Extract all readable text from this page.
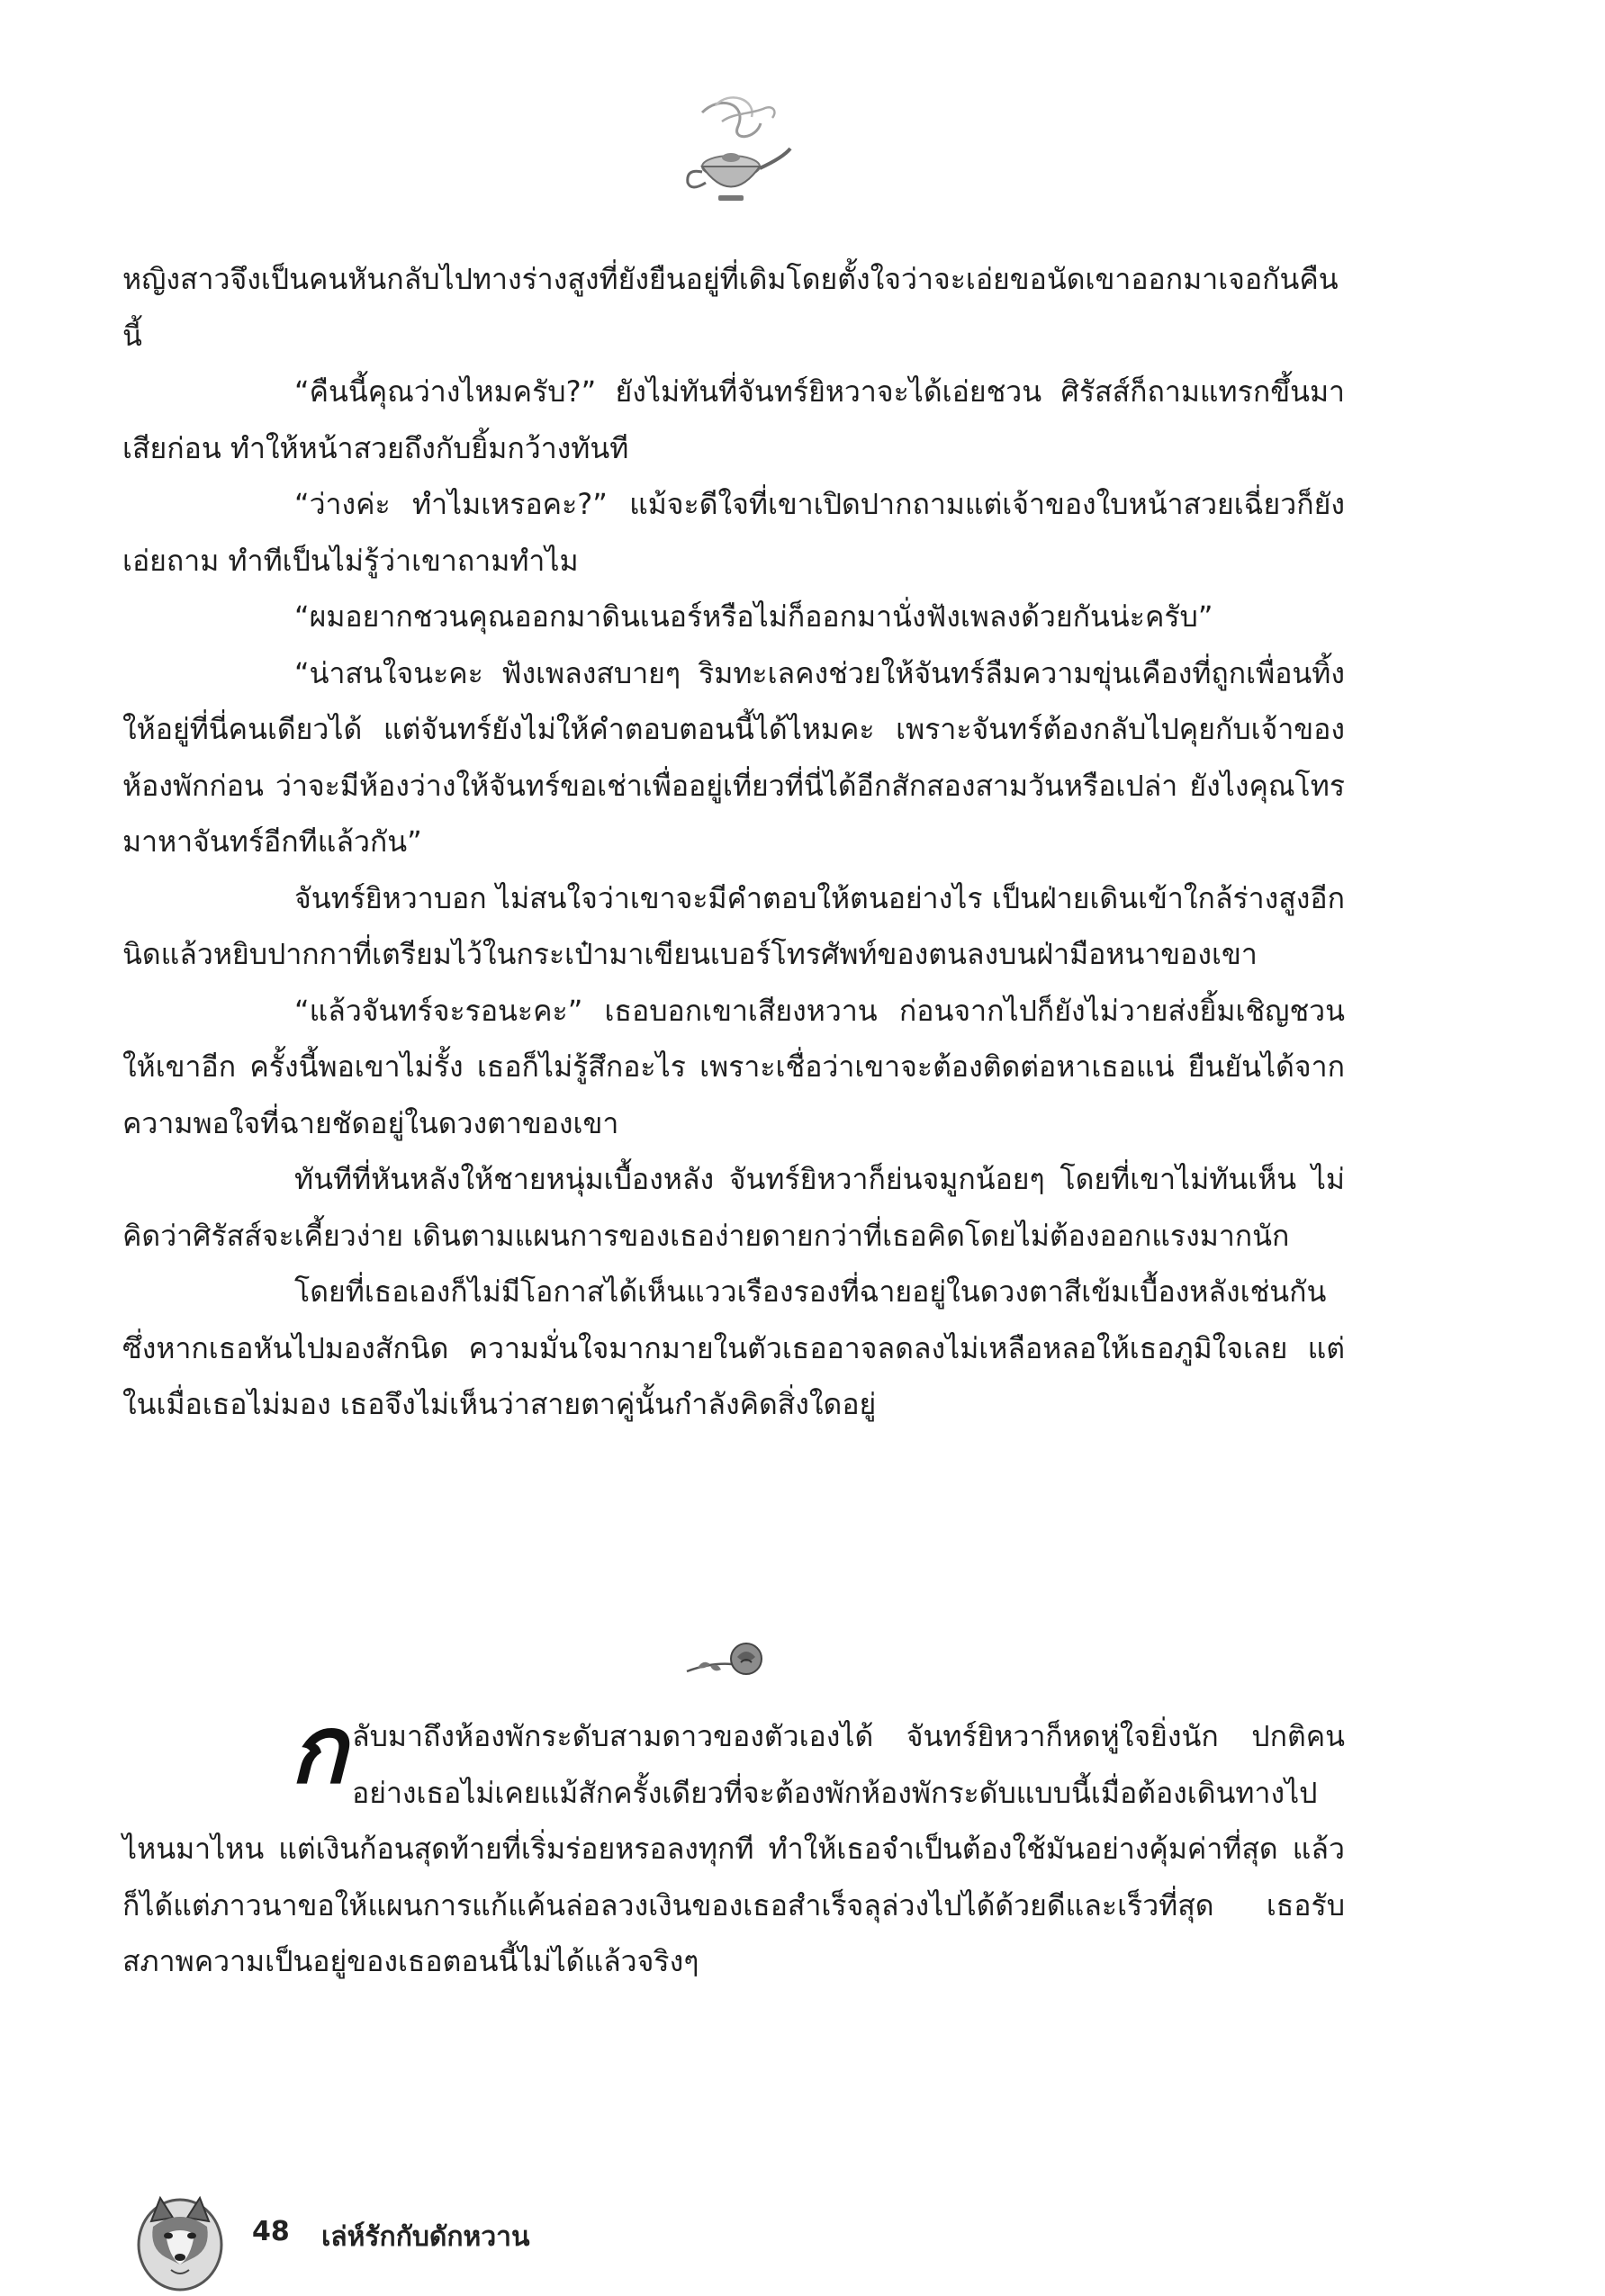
หญิงสาวจึงเป็นคนหันกลับไปทางร่างสูงที่ยังยืนอยู่ที่เดิมโดยตั้งใจว่าจะเอ่ยขอนัดเขาออกมาเจอกันคืนนี้

“คืนนี้คุณว่างไหมครับ?” ยังไม่ทันที่จันทร์ยิหวาจะได้เอ่ยชวน ศิรัสส์ก็ถามแทรกขึ้นมาเสียก่อน ทำให้หน้าสวยถึงกับยิ้มกว้างทันที

“ว่างค่ะ ทำไมเหรอคะ?” แม้จะดีใจที่เขาเปิดปากถามแต่เจ้าของใบหน้าสวยเฉี่ยวก็ยังเอ่ยถาม ทำทีเป็นไม่รู้ว่าเขาถามทำไม

“ผมอยากชวนคุณออกมาดินเนอร์หรือไม่ก็ออกมานั่งฟังเพลงด้วยกันน่ะครับ”

“น่าสนใจนะคะ ฟังเพลงสบายๆ ริมทะเลคงช่วยให้จันทร์ลืมความขุ่นเคืองที่ถูกเพื่อนทิ้งให้อยู่ที่นี่คนเดียวได้ แต่จันทร์ยังไม่ให้คำตอบตอนนี้ได้ไหมคะ เพราะจันทร์ต้องกลับไปคุยกับเจ้าของห้องพักก่อน ว่าจะมีห้องว่างให้จันทร์ขอเช่าเพื่ออยู่เที่ยวที่นี่ได้อีกสักสองสามวันหรือเปล่า ยังไงคุณโทรมาหาจันทร์อีกทีแล้วกัน”

จันทร์ยิหวาบอก ไม่สนใจว่าเขาจะมีคำตอบให้ตนอย่างไร เป็นฝ่ายเดินเข้าใกล้ร่างสูงอีกนิดแล้วหยิบปากกาที่เตรียมไว้ในกระเป๋ามาเขียนเบอร์โทรศัพท์ของตนลงบนฝ่ามือหนาของเขา

“แล้วจันทร์จะรอนะคะ” เธอบอกเขาเสียงหวาน ก่อนจากไปก็ยังไม่วายส่งยิ้มเชิญชวนให้เขาอีก ครั้งนี้พอเขาไม่รั้ง เธอก็ไม่รู้สึกอะไร เพราะเชื่อว่าเขาจะต้องติดต่อหาเธอแน่ ยืนยันได้จากความพอใจที่ฉายชัดอยู่ในดวงตาของเขา

ทันทีที่หันหลังให้ชายหนุ่มเบื้องหลัง จันทร์ยิหวาก็ย่นจมูกน้อยๆ โดยที่เขาไม่ทันเห็น ไม่คิดว่าศิรัสส์จะเคี้ยวง่าย เดินตามแผนการของเธอง่ายดายกว่าที่เธอคิดโดยไม่ต้องออกแรงมากนัก

โดยที่เธอเองก็ไม่มีโอกาสได้เห็นแววเรืองรองที่ฉายอยู่ในดวงตาสีเข้มเบื้องหลังเช่นกัน ซึ่งหากเธอหันไปมองสักนิด ความมั่นใจมากมายในตัวเธออาจลดลงไม่เหลือหลอให้เธอภูมิใจเลย แต่ในเมื่อเธอไม่มอง เธอจึงไม่เห็นว่าสายตาคู่นั้นกำลังคิดสิ่งใดอยู่

กลับมาถึงห้องพักระดับสามดาวของตัวเองได้ จันทร์ยิหวาก็หดหู่ใจยิ่งนัก ปกติคนอย่างเธอไม่เคยแม้สักครั้งเดียวที่จะต้องพักห้องพักระดับแบบนี้เมื่อต้องเดินทางไปไหนมาไหน แต่เงินก้อนสุดท้ายที่เริ่มร่อยหรอลงทุกที ทำให้เธอจำเป็นต้องใช้มันอย่างคุ้มค่าที่สุด แล้วก็ได้แต่ภาวนาขอให้แผนการแก้แค้นล่อลวงเงินของเธอสำเร็จลุล่วงไปได้ด้วยดีและเร็วที่สุด เธอรับสภาพความเป็นอยู่ของเธอตอนนี้ไม่ได้แล้วจริงๆ

48 เล่ห์รักกับดักหวาน
